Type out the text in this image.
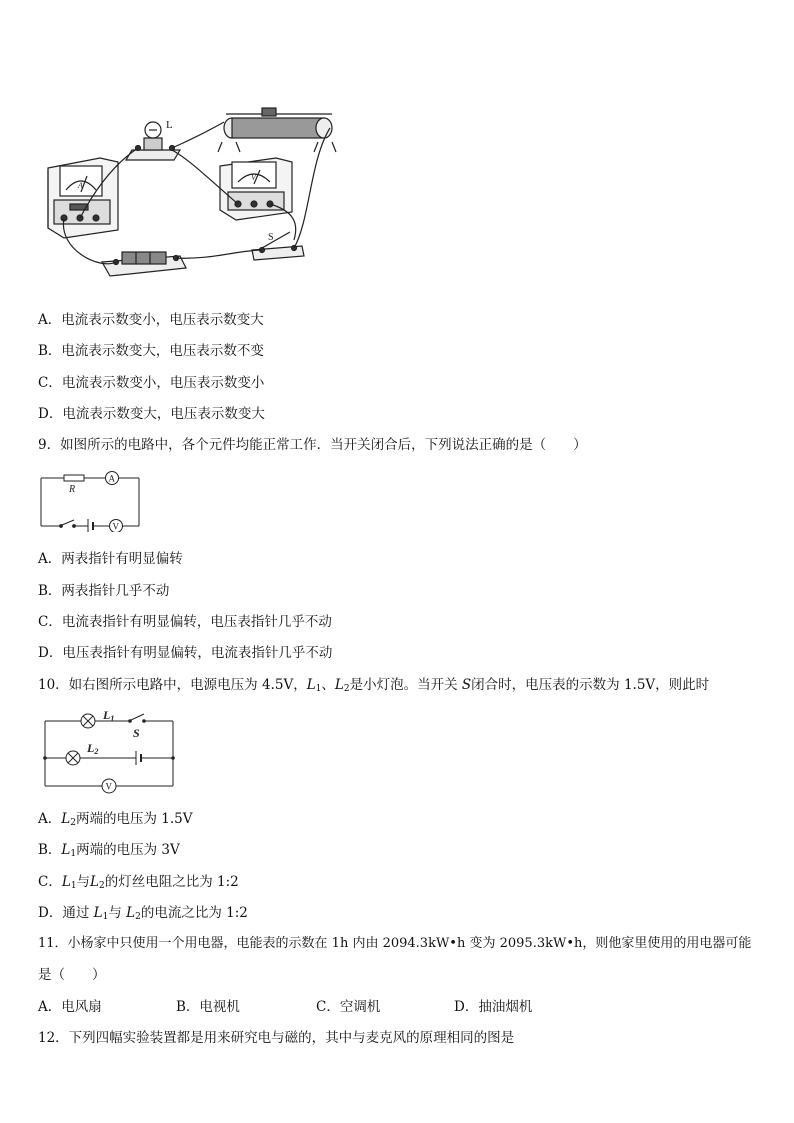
A
L
V
S
A．电流表示数变小，电压表示数变大
B．电流表示数变大，电压表示数不变
C．电流表示数变小，电压表示数变小
D．电流表示数变大，电压表示数变大
9．如图所示的电路中，各个元件均能正常工作．当开关闭合后，下列说法正确的是（　　）
R
A
V
A．两表指针有明显偏转
B．两表指针几乎不动
C．电流表指针有明显偏转，电压表指针几乎不动
D．电压表指针有明显偏转，电流表指针几乎不动
10．如右图所示电路中，电源电压为 4.5V，$L_1$、$L_2$是小灯泡。当开关 S闭合时，电压表的示数为 1.5V，则此时
L1
S
L2
V
A．$L_2$两端的电压为 1.5V
B．$L_1$两端的电压为 3V
C．$L_1$与$L_2$的灯丝电阻之比为 1:2
D．通过 $L_1$与 $L_2$的电流之比为 1:2
11．小杨家中只使用一个用电器，电能表的示数在 1h 内由 2094.3kW•h 变为 2095.3kW•h，则他家里使用的用电器可能
是（　　）
A．电风扇	B．电视机	C．空调机	D．抽油烟机
12．下列四幅实验装置都是用来研究电与磁的，其中与麦克风的原理相同的图是
